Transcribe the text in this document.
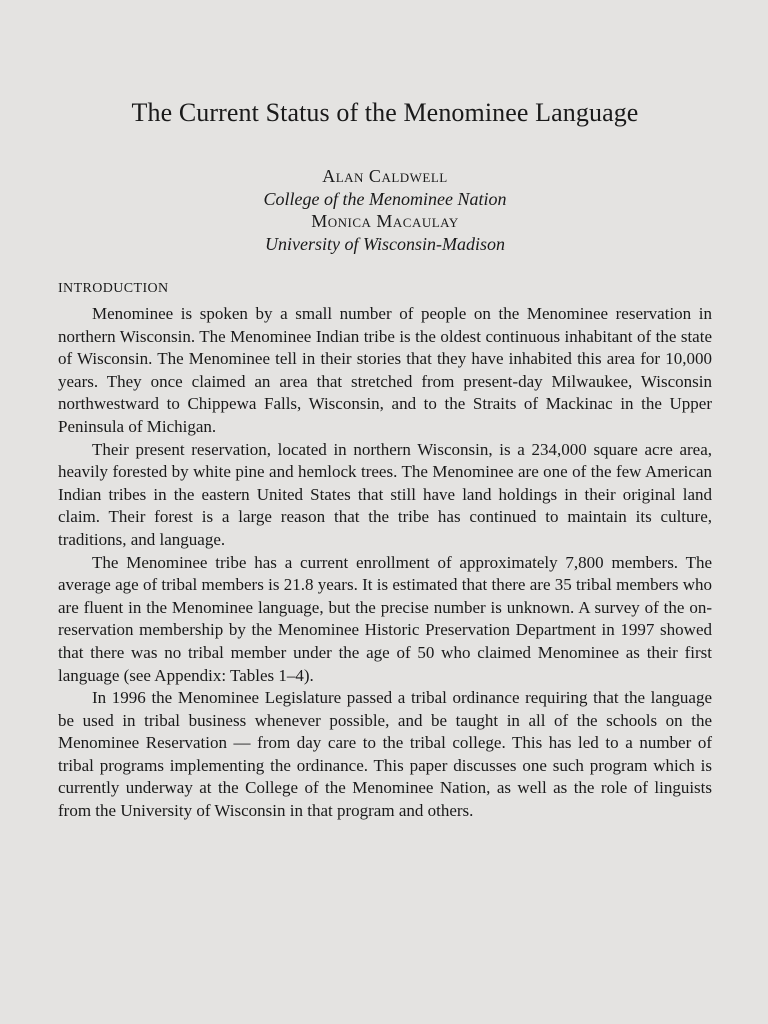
The Current Status of the Menominee Language
Alan Caldwell
College of the Menominee Nation
Monica Macaulay
University of Wisconsin-Madison
INTRODUCTION

Menominee is spoken by a small number of people on the Menominee reservation in northern Wisconsin. The Menominee Indian tribe is the oldest continuous inhabitant of the state of Wisconsin. The Menominee tell in their stories that they have inhabited this area for 10,000 years. They once claimed an area that stretched from present-day Milwaukee, Wisconsin northwestward to Chippewa Falls, Wisconsin, and to the Straits of Mackinac in the Upper Peninsula of Michigan.

Their present reservation, located in northern Wisconsin, is a 234,000 square acre area, heavily forested by white pine and hemlock trees. The Menominee are one of the few American Indian tribes in the eastern United States that still have land holdings in their original land claim. Their forest is a large reason that the tribe has continued to maintain its culture, traditions, and language.

The Menominee tribe has a current enrollment of approximately 7,800 members. The average age of tribal members is 21.8 years. It is estimated that there are 35 tribal members who are fluent in the Menominee language, but the precise number is unknown. A survey of the on-reservation membership by the Menominee Historic Preservation Department in 1997 showed that there was no tribal member under the age of 50 who claimed Menominee as their first language (see Appendix: Tables 1–4).

In 1996 the Menominee Legislature passed a tribal ordinance requiring that the language be used in tribal business whenever possible, and be taught in all of the schools on the Menominee Reservation — from day care to the tribal college. This has led to a number of tribal programs implementing the ordinance. This paper discusses one such program which is currently underway at the College of the Menominee Nation, as well as the role of linguists from the University of Wisconsin in that program and others.
